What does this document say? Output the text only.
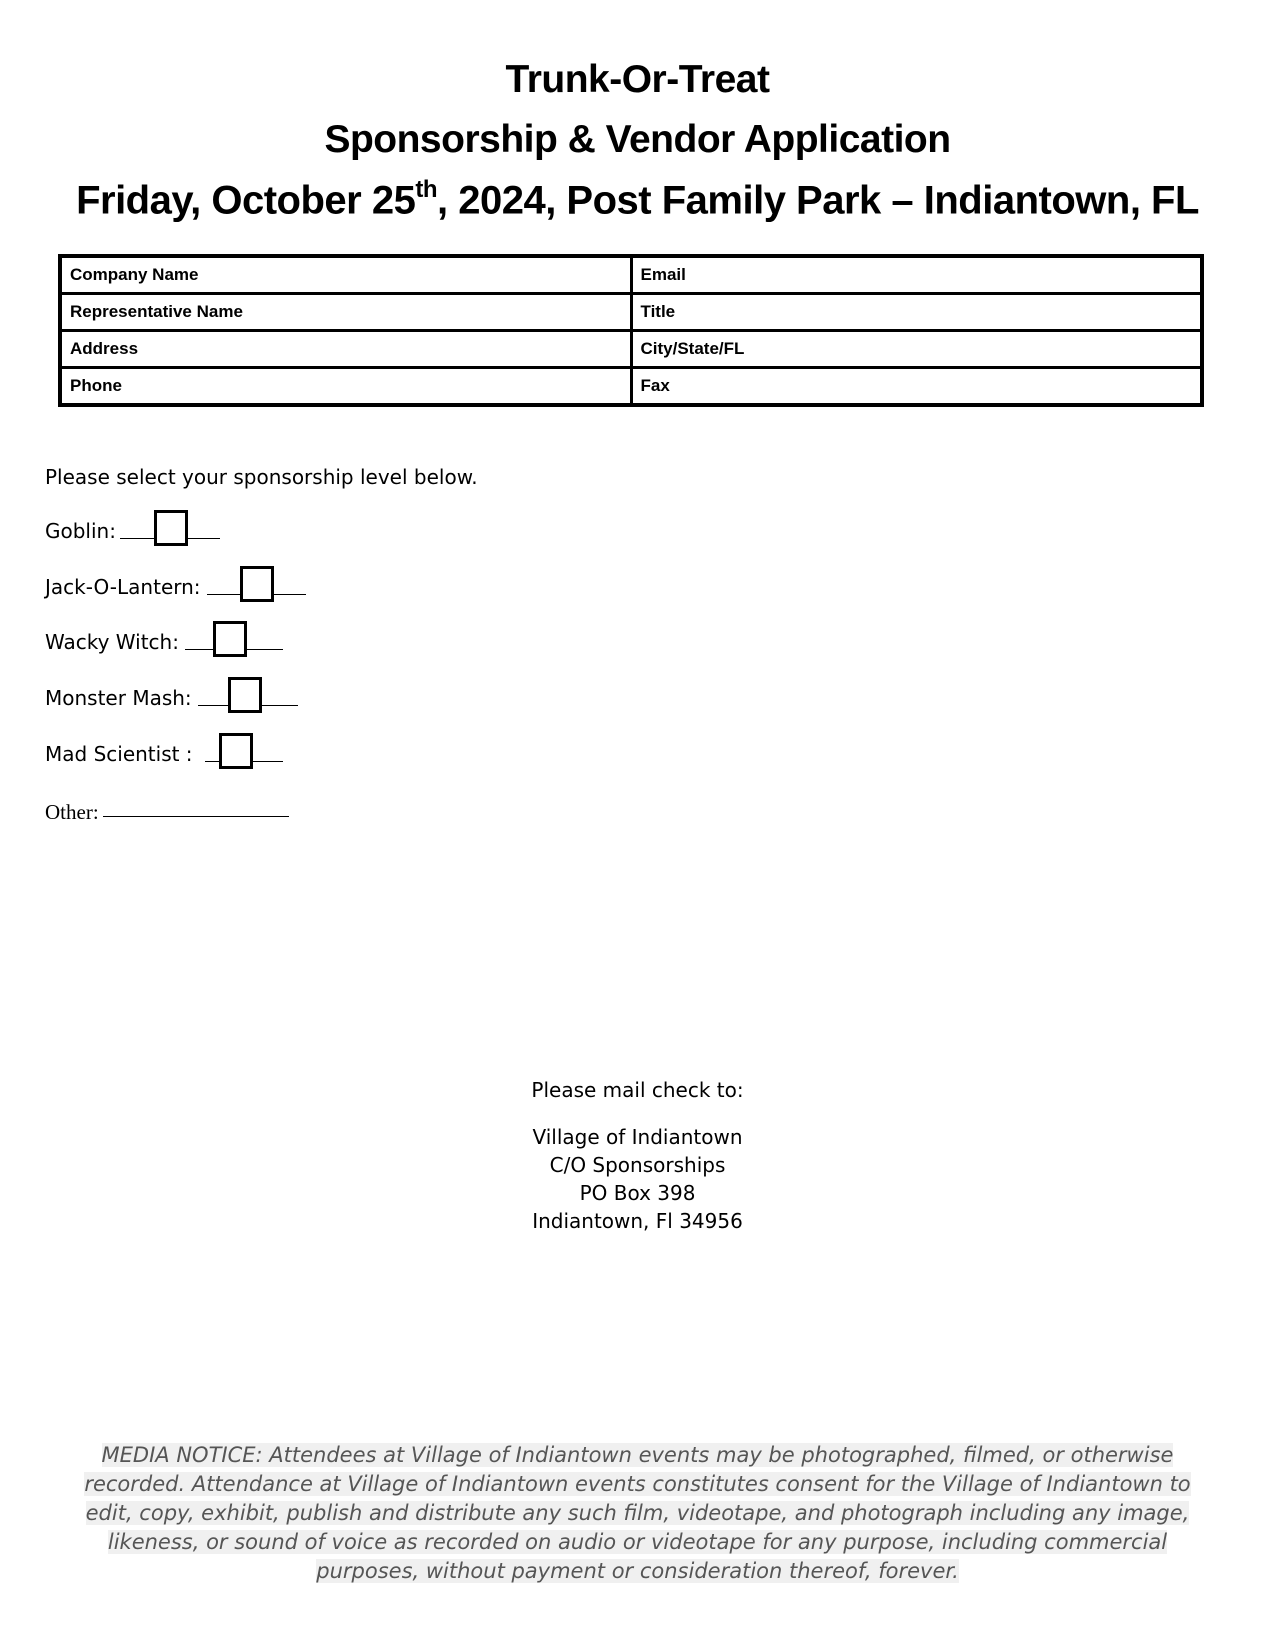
Trunk-Or-Treat
Sponsorship & Vendor Application
Friday, October 25th, 2024, Post Family Park – Indiantown, FL
Company Name	Email
Representative Name	Title
Address	City/State/FL
Phone	Fax
Please select your sponsorship level below.
Goblin:
Jack-O-Lantern:
Wacky Witch:
Monster Mash:
Mad Scientist :
Other:
Please mail check to:
Village of Indiantown
C/O Sponsorships
PO Box 398
Indiantown, Fl 34956
MEDIA NOTICE: Attendees at Village of Indiantown events may be photographed, filmed, or otherwise
recorded. Attendance at Village of Indiantown events constitutes consent for the Village of Indiantown to
edit, copy, exhibit, publish and distribute any such film, videotape, and photograph including any image,
likeness, or sound of voice as recorded on audio or videotape for any purpose, including commercial
purposes, without payment or consideration thereof, forever.
